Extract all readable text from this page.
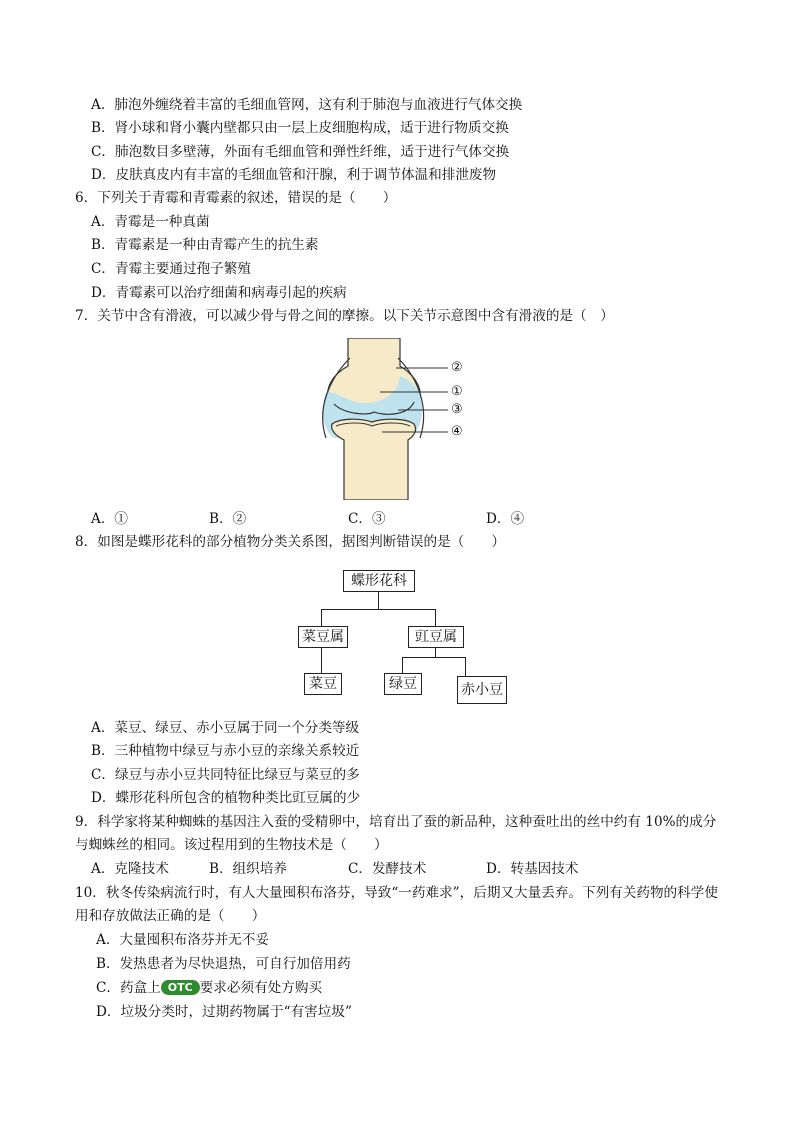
A．肺泡外缠绕着丰富的毛细血管网，这有利于肺泡与血液进行气体交换
B．肾小球和肾小囊内壁都只由一层上皮细胞构成，适于进行物质交换
C．肺泡数目多壁薄，外面有毛细血管和弹性纤维，适于进行气体交换
D．皮肤真皮内有丰富的毛细血管和汗腺，利于调节体温和排泄废物
6．下列关于青霉和青霉素的叙述，错误的是（　　）
A．青霉是一种真菌
B．青霉素是一种由青霉产生的抗生素
C．青霉主要通过孢子繁殖
D．青霉素可以治疗细菌和病毒引起的疾病
7．关节中含有滑液，可以减少骨与骨之间的摩擦。以下关节示意图中含有滑液的是（　）
②
①
③
④
A．①	B．②	C．③	D．④
8．如图是蝶形花科的部分植物分类关系图，据图判断错误的是（　　）
蝶形花科
菜豆属	豇豆属
菜豆	绿豆	赤小豆
A．菜豆、绿豆、赤小豆属于同一个分类等级
B．三种植物中绿豆与赤小豆的亲缘关系较近
C．绿豆与赤小豆共同特征比绿豆与菜豆的多
D．蝶形花科所包含的植物种类比豇豆属的少
9．科学家将某种蜘蛛的基因注入蚕的受精卵中，培育出了蚕的新品种，这种蚕吐出的丝中约有 10%的成分
与蜘蛛丝的相同。该过程用到的生物技术是（　　）
A．克隆技术	B．组织培养	C．发酵技术	D．转基因技术
10．秋冬传染病流行时，有人大量囤积布洛芬，导致“一药难求”，后期又大量丢弃。下列有关药物的科学使
用和存放做法正确的是（　　）
A．大量囤积布洛芬并无不妥
B．发热患者为尽快退热，可自行加倍用药
C．药盒上 OTC 要求必须有处方购买
D．垃圾分类时，过期药物属于“有害垃圾”
